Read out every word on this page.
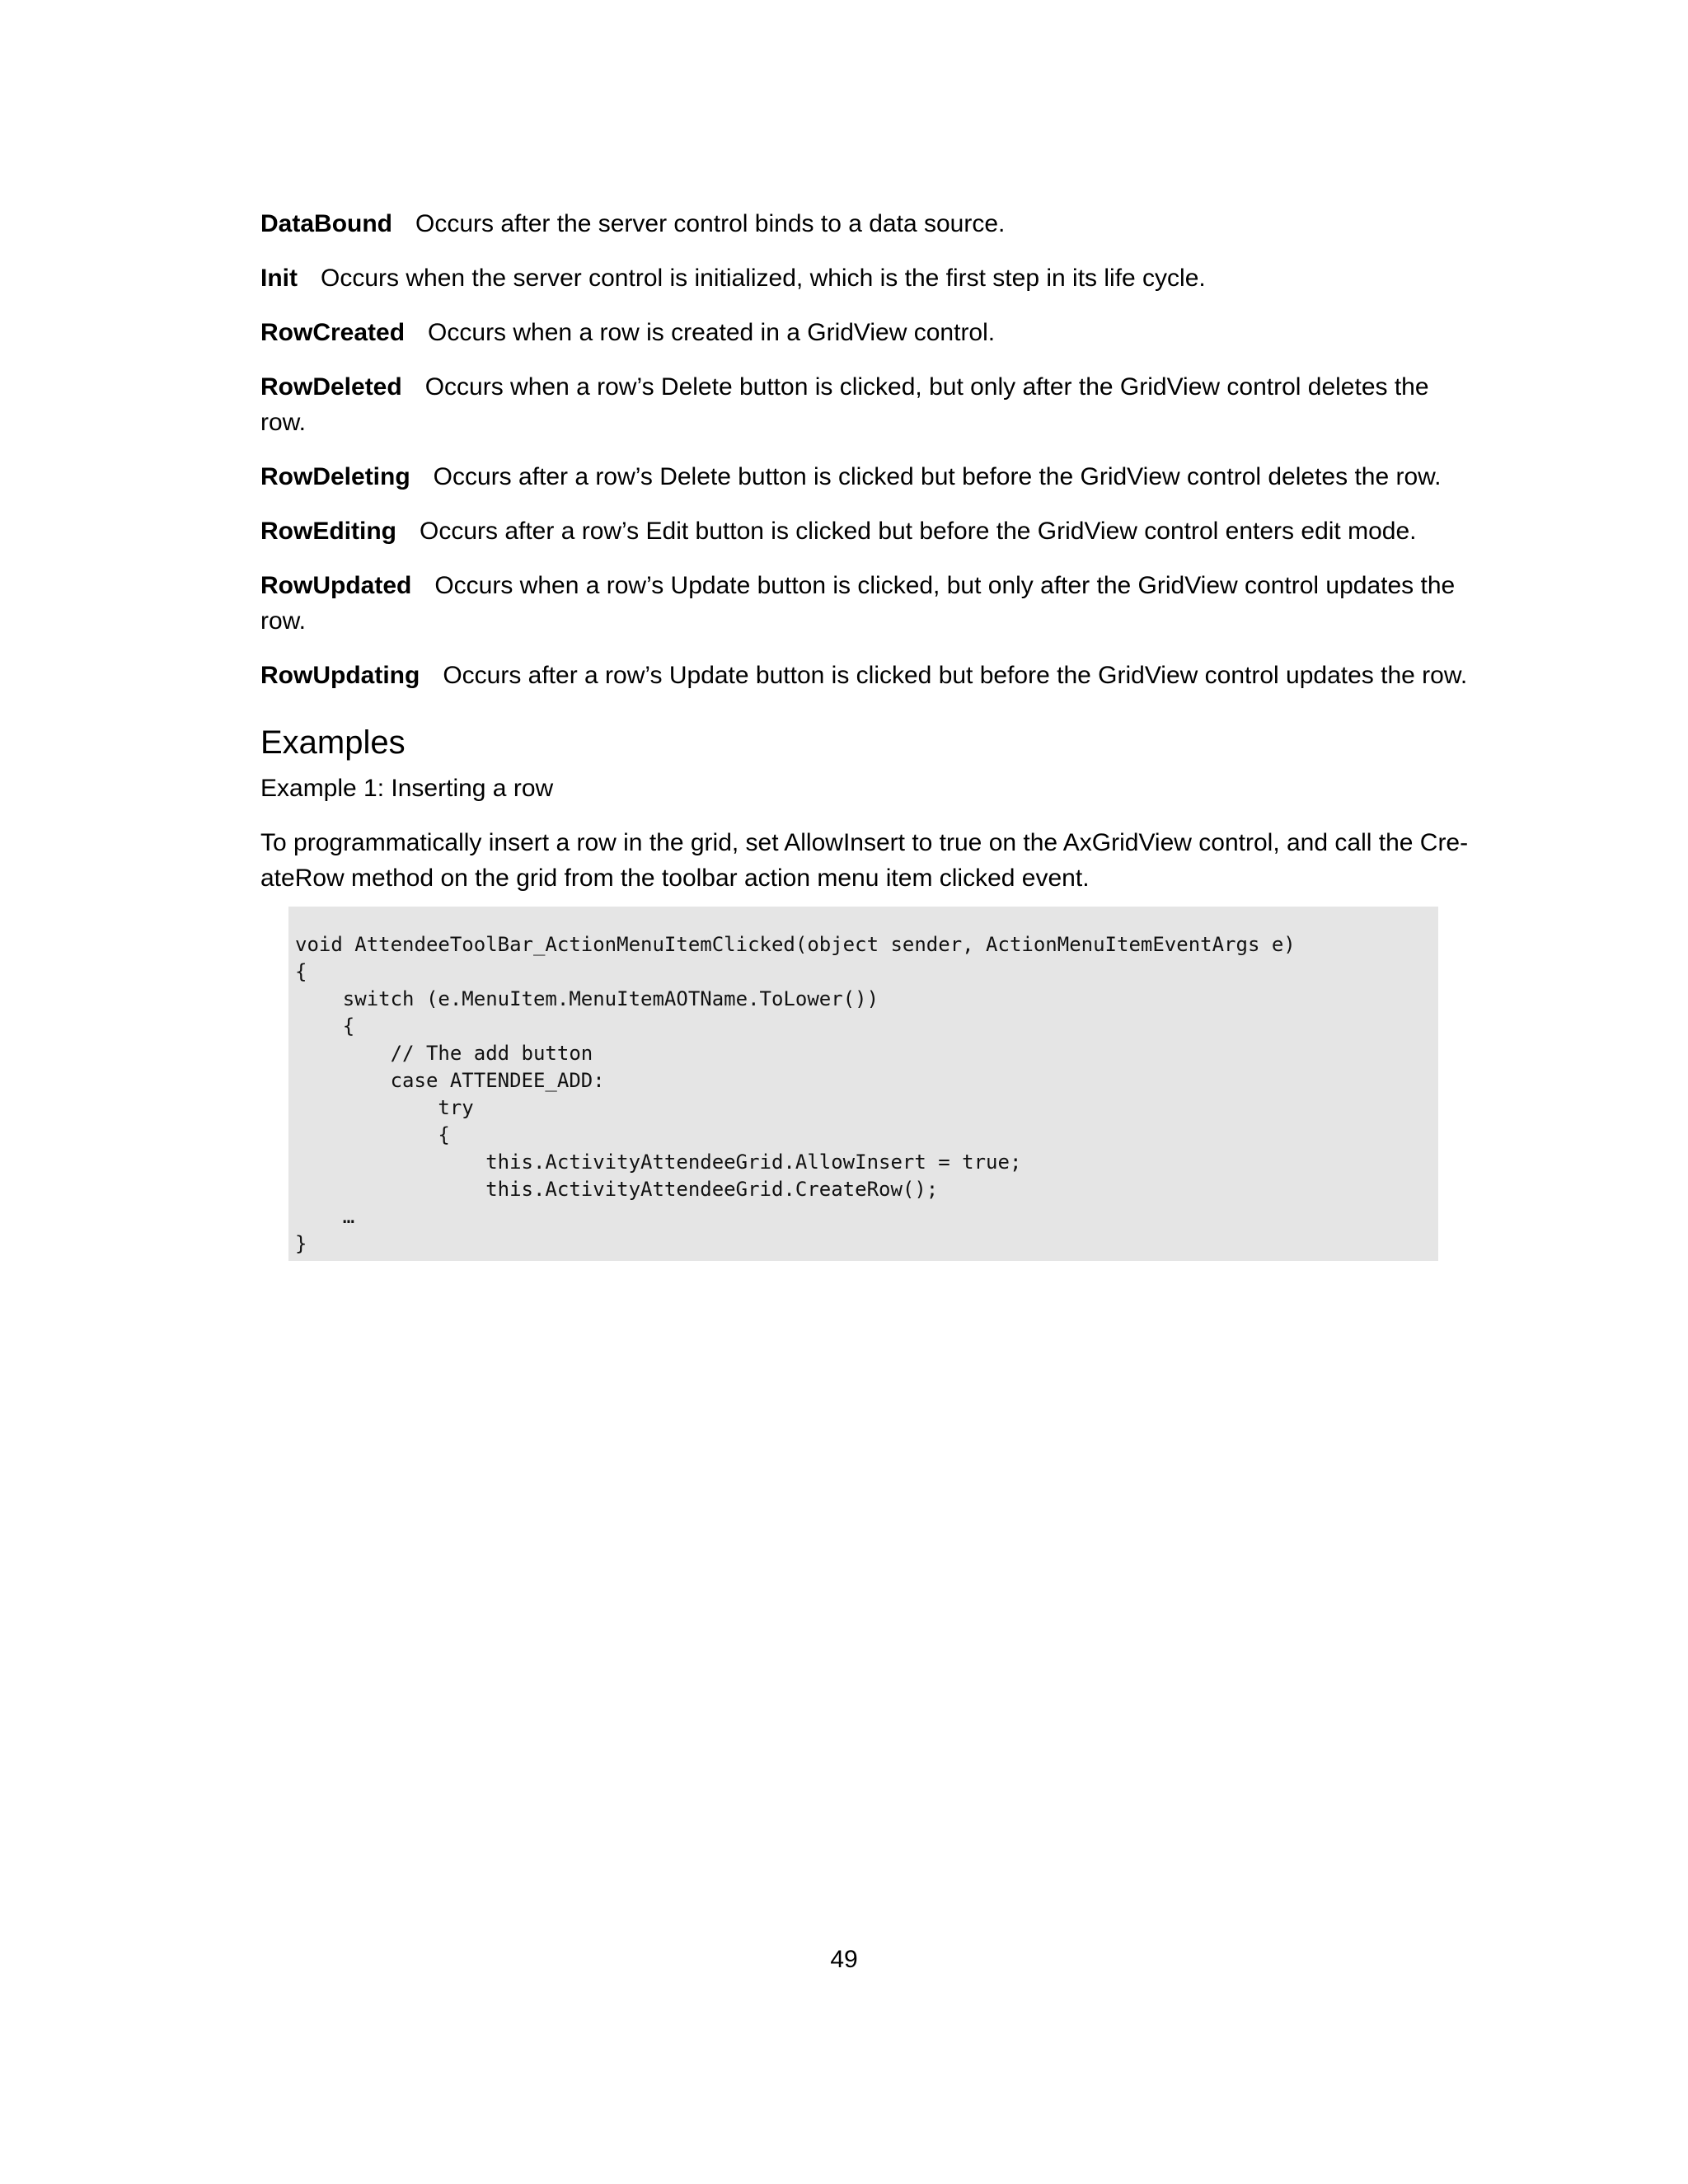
DataBound Occurs after the server control binds to a data source.

Init Occurs when the server control is initialized, which is the first step in its life cycle.

RowCreated Occurs when a row is created in a GridView control.

RowDeleted Occurs when a row’s Delete button is clicked, but only after the GridView control deletes the row.

RowDeleting Occurs after a row’s Delete button is clicked but before the GridView control deletes the row.

RowEditing Occurs after a row’s Edit button is clicked but before the GridView control enters edit mode.

RowUpdated Occurs when a row’s Update button is clicked, but only after the GridView control updates the row.

RowUpdating Occurs after a row’s Update button is clicked but before the GridView control updates the row.

Examples

Example 1: Inserting a row

To programmatically insert a row in the grid, set AllowInsert to true on the AxGridView control, and call the Cre-ateRow method on the grid from the toolbar action menu item clicked event.

void AttendeeToolBar_ActionMenuItemClicked(object sender, ActionMenuItemEventArgs e)
{
switch (e.MenuItem.MenuItemAOTName.ToLower())
{
// The add button
case ATTENDEE_ADD:
try
{
this.ActivityAttendeeGrid.AllowInsert = true;
this.ActivityAttendeeGrid.CreateRow();
…
}
49
